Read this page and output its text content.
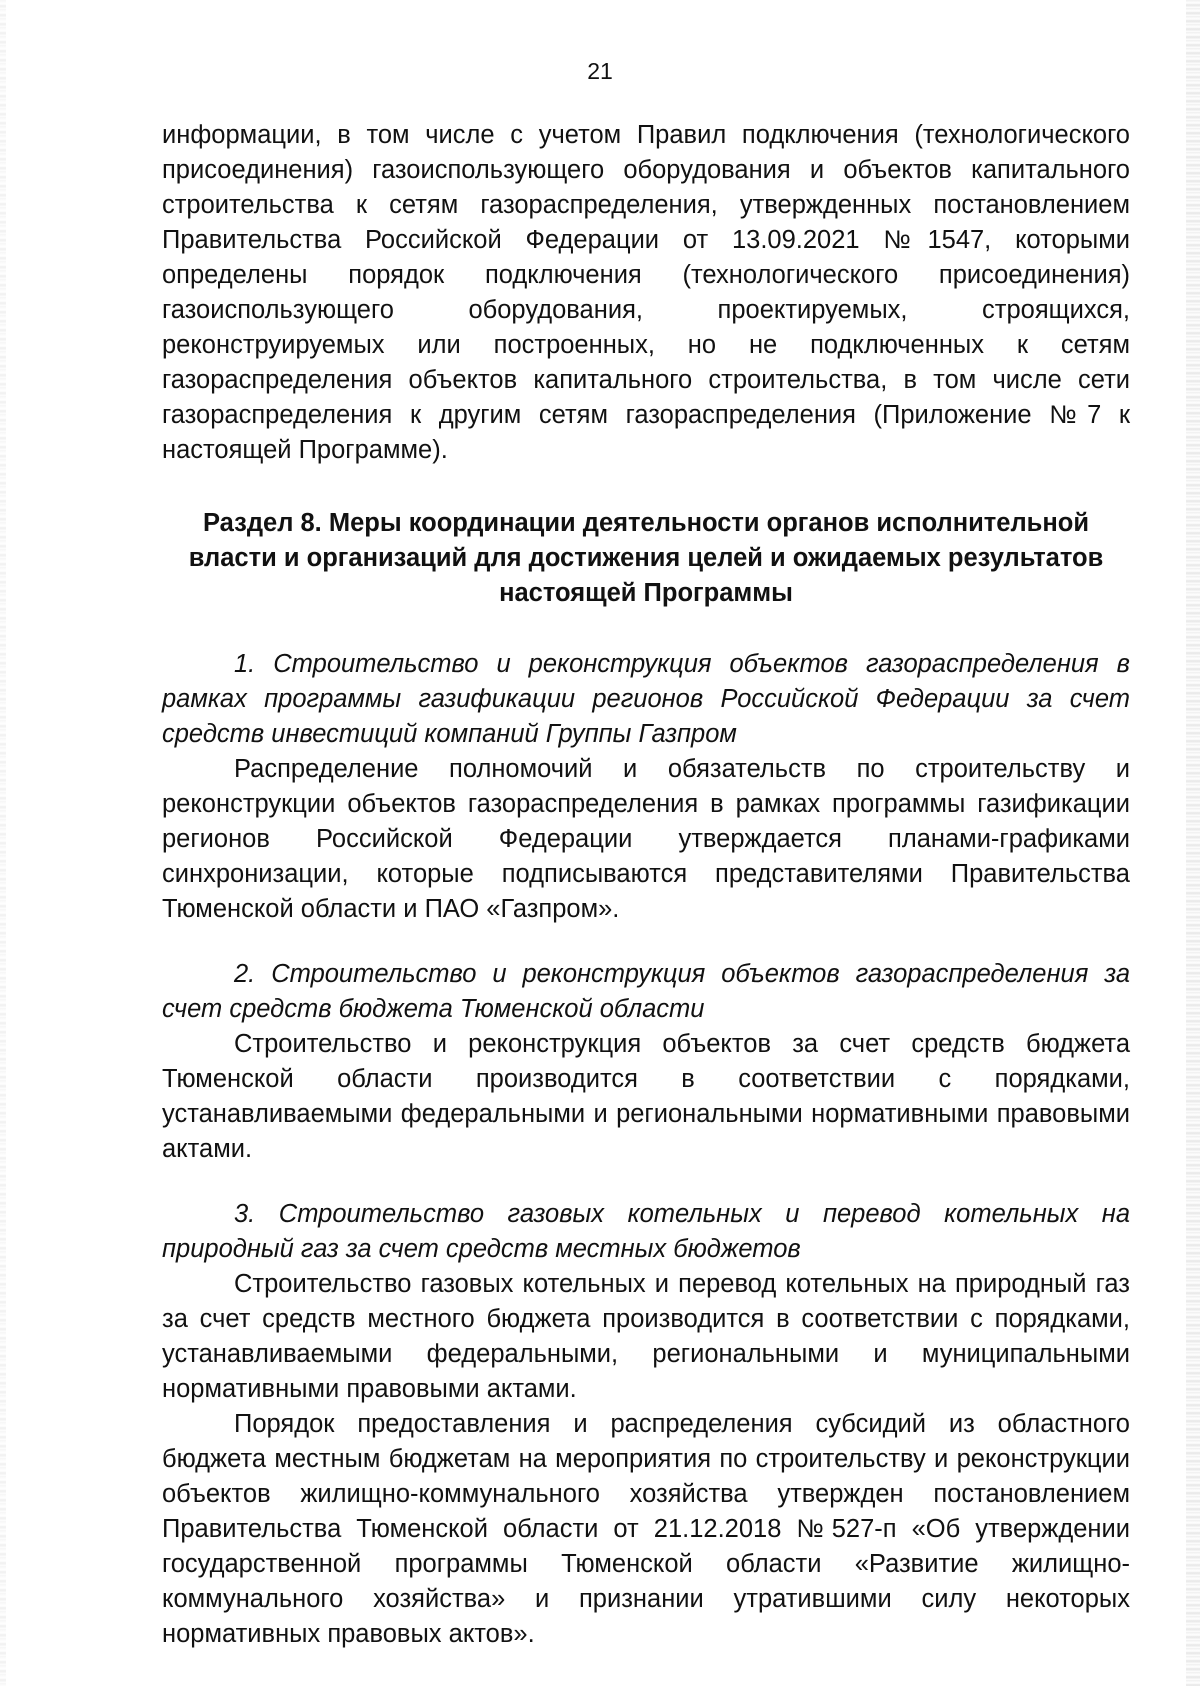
21

информации, в том числе с учетом Правил подключения (технологического присоединения) газоиспользующего оборудования и объектов капитального строительства к сетям газораспределения, утвержденных постановлением Правительства Российской Федерации от 13.09.2021 №1547, которыми определены порядок подключения (технологического присоединения) газоиспользующего оборудования, проектируемых, строящихся, реконструируемых или построенных, но не подключенных к сетям газораспределения объектов капитального строительства, в том числе сети газораспределения к другим сетям газораспределения (Приложение №7 к настоящей Программе).

Раздел 8. Меры координации деятельности органов исполнительной власти и организаций для достижения целей и ожидаемых результатов настоящей Программы

1. Строительство и реконструкция объектов газораспределения в рамках программы газификации регионов Российской Федерации за счет средств инвестиций компаний Группы Газпром

Распределение полномочий и обязательств по строительству и реконструкции объектов газораспределения в рамках программы газификации регионов Российской Федерации утверждается планами-графиками синхронизации, которые подписываются представителями Правительства Тюменской области и ПАО «Газпром».

2. Строительство и реконструкция объектов газораспределения за счет средств бюджета Тюменской области

Строительство и реконструкция объектов за счет средств бюджета Тюменской области производится в соответствии с порядками, устанавливаемыми федеральными и региональными нормативными правовыми актами.

3. Строительство газовых котельных и перевод котельных на природный газ за счет средств местных бюджетов

Строительство газовых котельных и перевод котельных на природный газ за счет средств местного бюджета производится в соответствии с порядками, устанавливаемыми федеральными, региональными и муниципальными нормативными правовыми актами.

Порядок предоставления и распределения субсидий из областного бюджета местным бюджетам на мероприятия по строительству и реконструкции объектов жилищно-коммунального хозяйства утвержден постановлением Правительства Тюменской области от 21.12.2018 №527-п «Об утверждении государственной программы Тюменской области «Развитие жилищно-коммунального хозяйства» и признании утратившими силу некоторых нормативных правовых актов».
